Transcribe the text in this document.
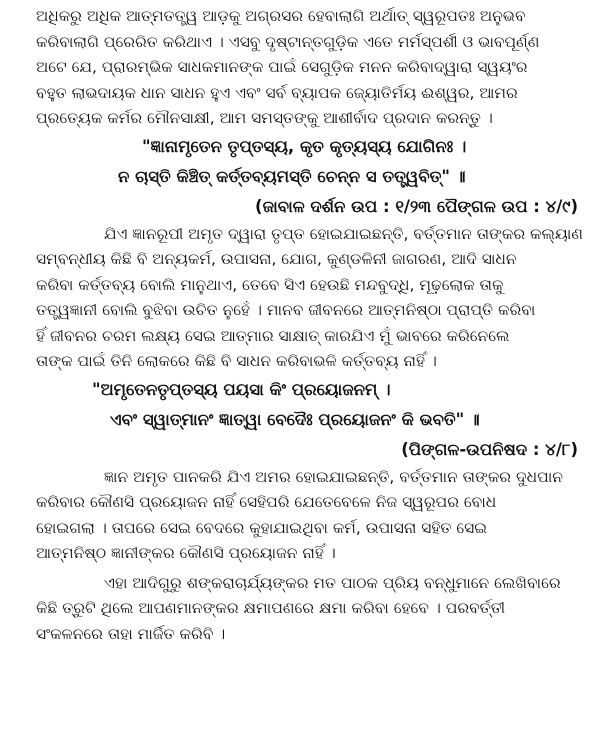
ଅଧିକରୁ ଅଧିକ ଆତ୍ମତତ୍ତ୍ୱ ଆଡ଼କୁ ଅଗ୍ରସର ହେବାଲାଗି ଅର୍ଥାତ୍ ସ୍ୱରୂପତଃ ଅନୁଭବ
କରିବାଲାଗି ପ୍ରେରିତ କରିଥାଏ । ଏସବୁ ଦୃଷ୍ଟାନ୍ତଗୁଡ଼ିକ ଏତେ ମର୍ମସ୍ପର୍ଶୀ ଓ ଭାବପୂର୍ଣ୍ଣ
ଅଟେ ଯେ, ପ୍ରାରମ୍ଭିକ ସାଧକମାନଙ୍କ ପାଇଁ ସେଗୁଡ଼ିକ ମନନ କରିବାଦ୍ୱାରା ସ୍ୱୟଂର
ବହୁତ ଲାଭଦାୟକ ଧାନ ସାଧନ ହୁଏ ଏବଂ ସର୍ବ ବ୍ୟାପକ ଜ୍ୟୋତିର୍ମୟ ଈଶ୍ୱର, ଆମର
ପ୍ରତ୍ୟେକ କର୍ମର ମୌନସାକ୍ଷୀ, ଆମ ସମସ୍ତଙ୍କୁ ଆଶୀର୍ବାଦ ପ୍ରଦାନ କରନ୍ତୁ ।
"ଜ୍ଞାନାମୃତେନ ତୃପ୍ତସ୍ୟ, କୃତ କୃତ୍ୟସ୍ୟ ଯୋଗିନଃ ।
ନ ଚାସ୍ତି କିଞ୍ଚିତ୍ କର୍ତ୍ତବ୍ୟମସ୍ତି ଚେନ୍ନ ସ ତତ୍ତ୍ୱବିତ୍" ॥
(ଜାବାଳ ଦର୍ଶନ ଉପ : ୧/୨୩ ପୈଙ୍ଗଳ ଉପ : ୪/୯)
ଯିଏ ଜ୍ଞାନରୂପୀ ଅମୃତ ଦ୍ୱାରା ତୃପ୍ତ ହୋଇଯାଇଛନ୍ତି, ବର୍ତ୍ତମାନ ତାଙ୍କର କଲ୍ୟାଣ
ସମ୍ବନ୍ଧୀୟ କିଛି ବି ଅନ୍ୟକର୍ମ, ଉପାସନା, ଯୋଗ, କୁଣ୍ଡଳିନୀ ଜାଗରଣ, ଆଦି ସାଧନ
କରିବା କର୍ତ୍ତବ୍ୟ ବୋଲି ମାନୁଥାଏ, ତେବେ ସିଏ ହେଉଛି ମନ୍ଦବୁଦ୍ଧି, ମୂଢ଼ଲୋକ ତାକୁ
ତତ୍ତ୍ୱଜ୍ଞାନୀ ବୋଲି ବୁଝିବା ଉଚିତ ନୁହେଁ । ମାନବ ଜୀବନରେ ଆତ୍ମନିଷ୍ଠା ପ୍ରାପ୍ତି କରିବା
ହିଁ ଜୀବନର ଚରମ ଲକ୍ଷ୍ୟ ସେଇ ଆତ୍ମାର ସାକ୍ଷାତ୍ କାରଯିଏ ମୁଁ ଭାବରେ କରିନେଲେ
ତାଙ୍କ ପାଇଁ ତିନି ଲୋକରେ କିଛି ବି ସାଧନ କରିବାଭଳି କର୍ତ୍ତବ୍ୟ ନାହିଁ ।
"ଅମୃତେନତୃପ୍ତସ୍ୟ ପୟସା କିଂ ପ୍ରୟୋଜନମ୍ ।
ଏବଂ ସ୍ୱାତ୍ମାନଂ ଜ୍ଞାତ୍ୱା ବେଦୈଃ ପ୍ରୟୋଜନଂ କି ଭବତି" ॥
(ପିଙ୍ଗଳ-ଉପନିଷଦ : ୪/୮)
ଜ୍ଞାନ ଅମୃତ ପାନକରି ଯିଏ ଅମର ହୋଇଯାଇଛନ୍ତି, ବର୍ତ୍ତମାନ ତାଙ୍କର ଦୁଧପାନ
କରିବାର କୌଣସି ପ୍ରୟୋଜନ ନାହିଁ ସେହିପରି ଯେତେବେଳେ ନିଜ ସ୍ୱରୂପର ବୋଧ
ହୋଇଗଲା । ତାପରେ ସେଇ ବେଦରେ କୁହାଯାଇଥିବା କର୍ମ, ଉପାସନା ସହିତ ସେଇ
ଆତ୍ମନିଷ୍ଠ ଜ୍ଞାନୀଙ୍କର କୌଣସି ପ୍ରୟୋଜନ ନାହିଁ ।
ଏହା ଆଦିଗୁରୁ ଶଙ୍କରାଚାର୍ଯ୍ୟଙ୍କର ମତ ପାଠକ ପ୍ରିୟ ବନ୍ଧୁମାନେ ଲେଖିବାରେ
କିଛି ତ୍ରୁଟି ଥିଲେ ଆପଣମାନଙ୍କର କ୍ଷମାପଣରେ କ୍ଷମା କରିବା ହେବେ । ପରବର୍ତ୍ତୀ
ସଂକଳନରେ ତାହା ମାର୍ଜିତ କରିବି ।
